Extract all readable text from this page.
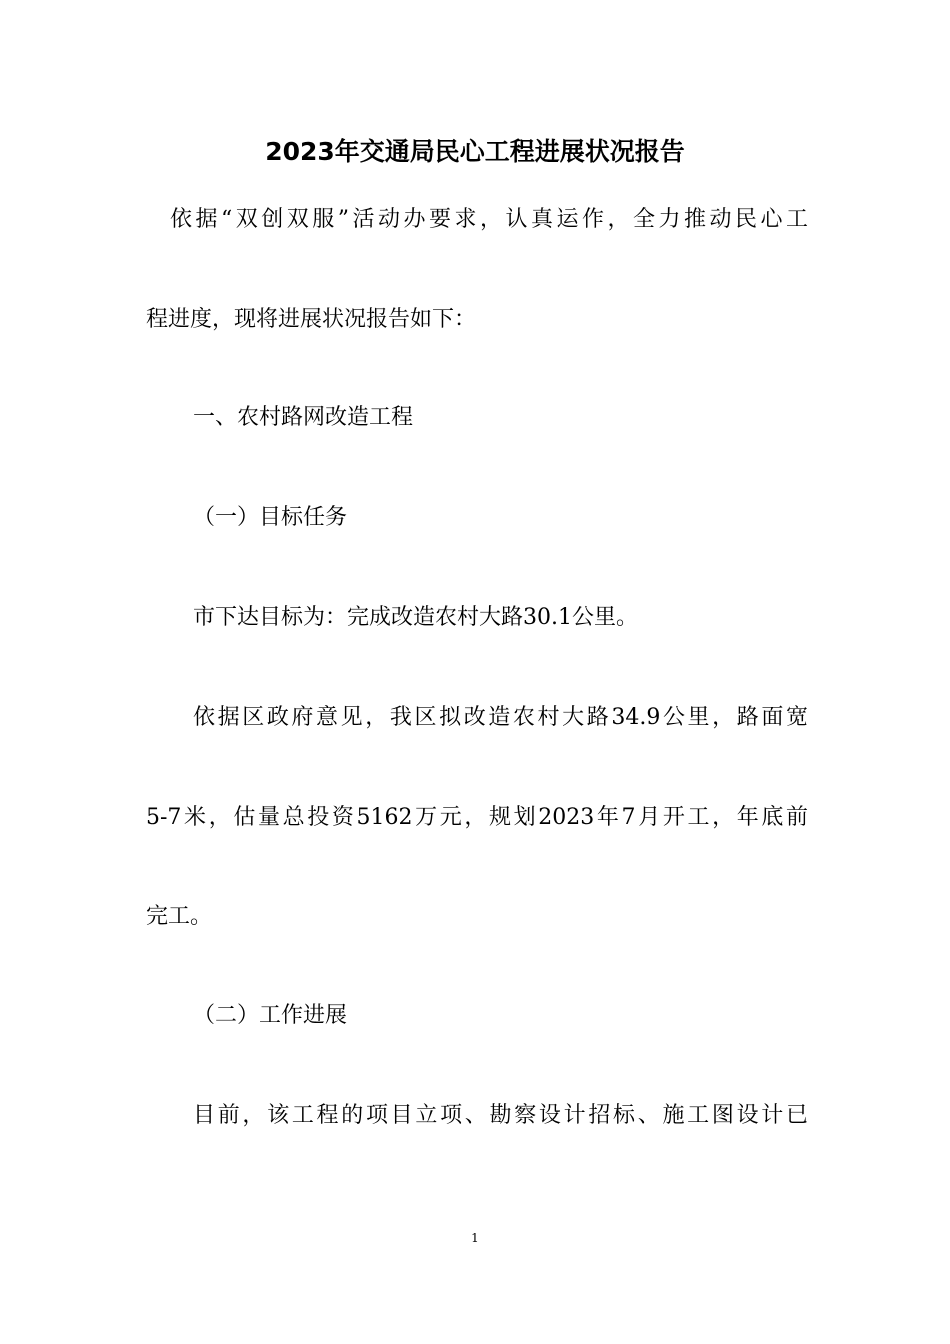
2023年交通局民心工程进展状况报告

依据“双创双服”活动办要求，认真运作，全力推动民心工

程进度，现将进展状况报告如下：

一、农村路网改造工程

（一）目标任务

市下达目标为：完成改造农村大路30.1公里。

依据区政府意见，我区拟改造农村大路34.9公里，路面宽

5-7米，估量总投资5162万元，规划2023年7月开工，年底前

完工。

（二）工作进展

目前，该工程的项目立项、勘察设计招标、施工图设计已

1
